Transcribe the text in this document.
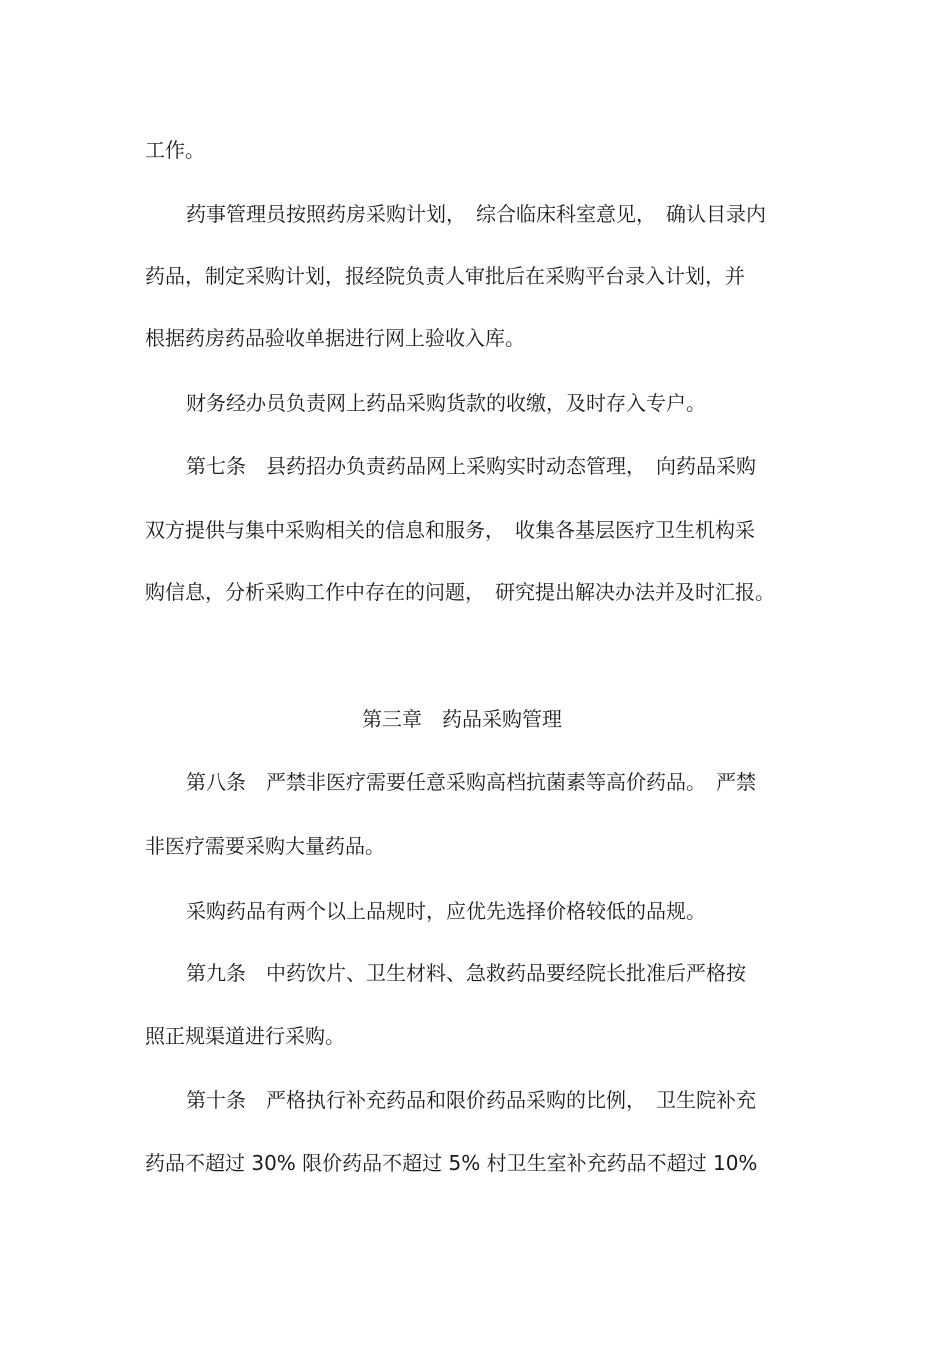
工作。

药事管理员按照药房采购计划，　综合临床科室意见，　确认目录内

药品，制定采购计划，报经院负责人审批后在采购平台录入计划，并

根据药房药品验收单据进行网上验收入库。

财务经办员负责网上药品采购货款的收缴，及时存入专户。

第七条　县药招办负责药品网上采购实时动态管理，　向药品采购

双方提供与集中采购相关的信息和服务，　收集各基层医疗卫生机构采

购信息，分析采购工作中存在的问题，　研究提出解决办法并及时汇报。

第三章　药品采购管理

第八条　严禁非医疗需要任意采购高档抗菌素等高价药品。　严禁

非医疗需要采购大量药品。

采购药品有两个以上品规时，应优先选择价格较低的品规。

第九条　中药饮片、卫生材料、急救药品要经院长批准后严格按

照正规渠道进行采购。

第十条　严格执行补充药品和限价药品采购的比例，　卫生院补充

药品不超过 30% 限价药品不超过 5% 村卫生室补充药品不超过 10%
